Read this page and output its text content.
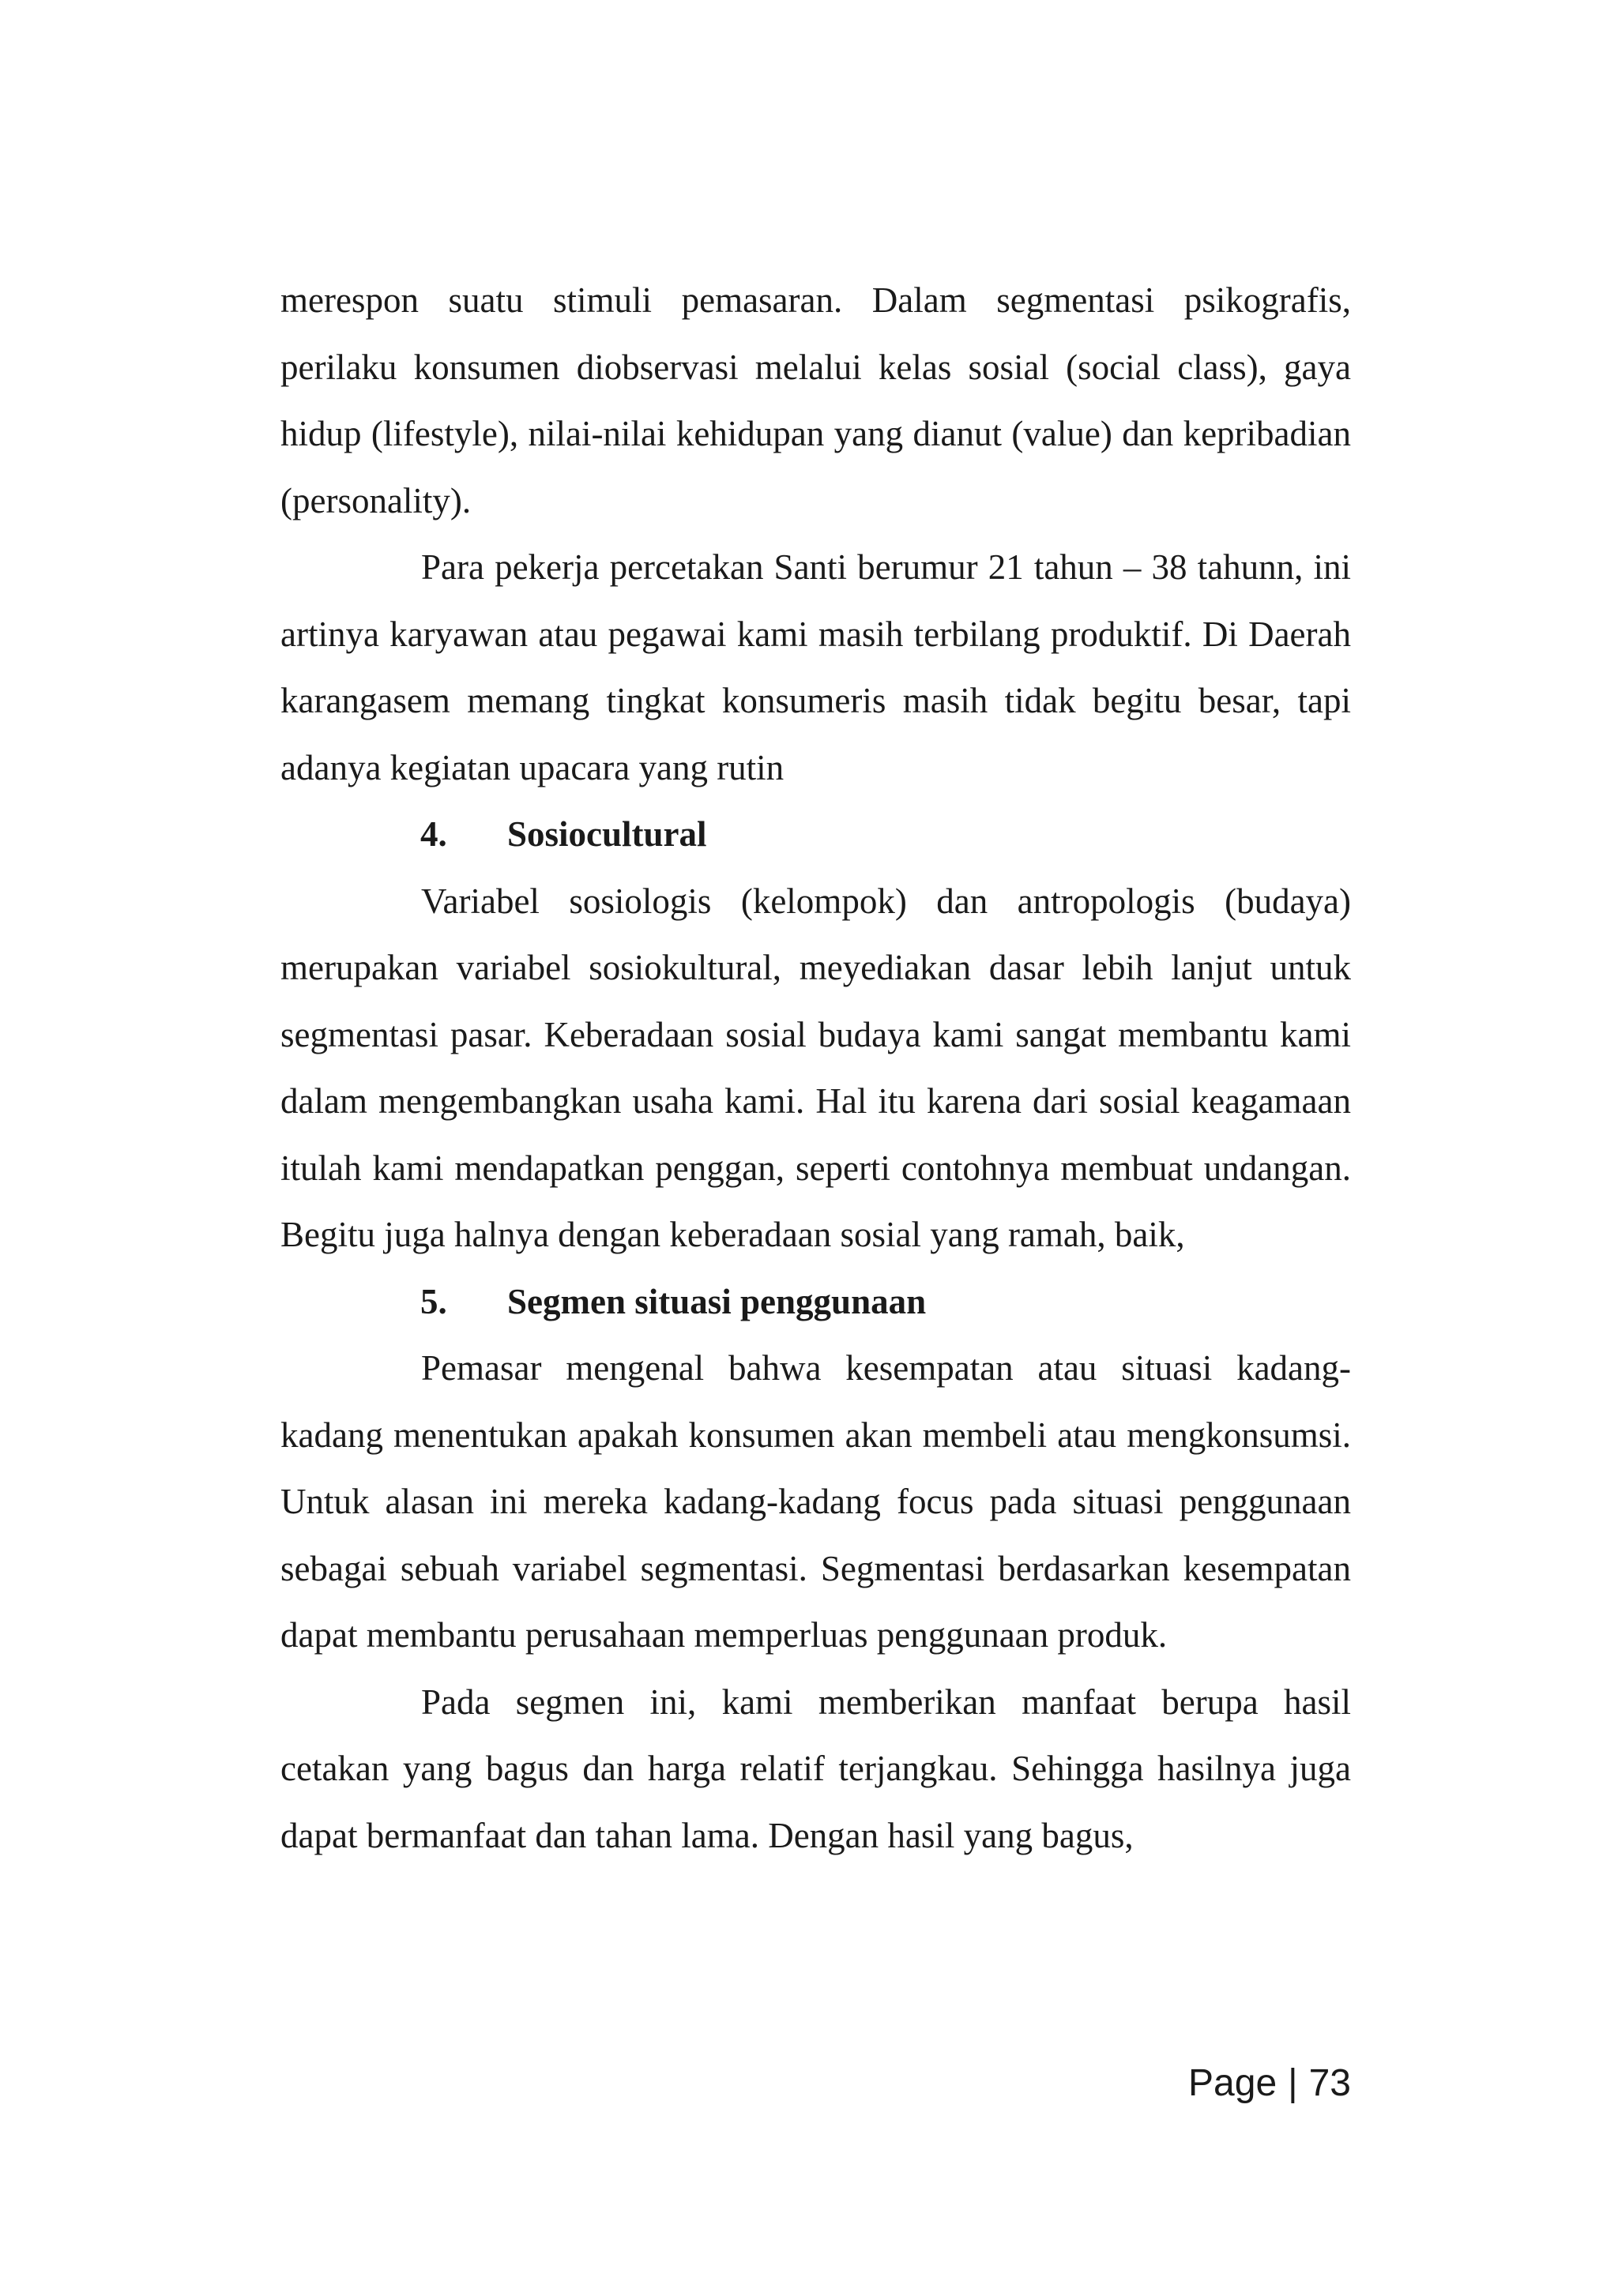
merespon suatu stimuli pemasaran. Dalam segmentasi psikografis, perilaku konsumen diobservasi melalui kelas sosial (social class), gaya hidup (lifestyle), nilai-nilai kehidupan yang dianut (value) dan kepribadian (personality).

Para pekerja percetakan Santi berumur 21 tahun – 38 tahunn, ini artinya karyawan atau pegawai kami masih terbilang produktif. Di Daerah karangasem memang tingkat konsumeris masih tidak begitu besar, tapi adanya kegiatan upacara yang rutin

4.	Sosiocultural

Variabel sosiologis (kelompok) dan antropologis (budaya) merupakan variabel sosiokultural, meyediakan dasar lebih lanjut untuk segmentasi pasar. Keberadaan sosial budaya kami sangat membantu kami dalam mengembangkan usaha kami. Hal itu karena dari sosial keagamaan itulah kami mendapatkan penggan, seperti contohnya membuat undangan. Begitu juga halnya dengan keberadaan sosial yang ramah, baik,

5.	Segmen situasi penggunaan

Pemasar mengenal bahwa kesempatan atau situasi kadang-kadang menentukan apakah konsumen akan membeli atau mengkonsumsi. Untuk alasan ini mereka kadang-kadang focus pada situasi penggunaan sebagai sebuah variabel segmentasi. Segmentasi berdasarkan kesempatan dapat membantu perusahaan memperluas penggunaan produk.

Pada segmen ini, kami memberikan manfaat berupa hasil cetakan yang bagus dan harga relatif terjangkau. Sehingga hasilnya juga dapat bermanfaat dan tahan lama. Dengan hasil yang bagus,

Page | 73
